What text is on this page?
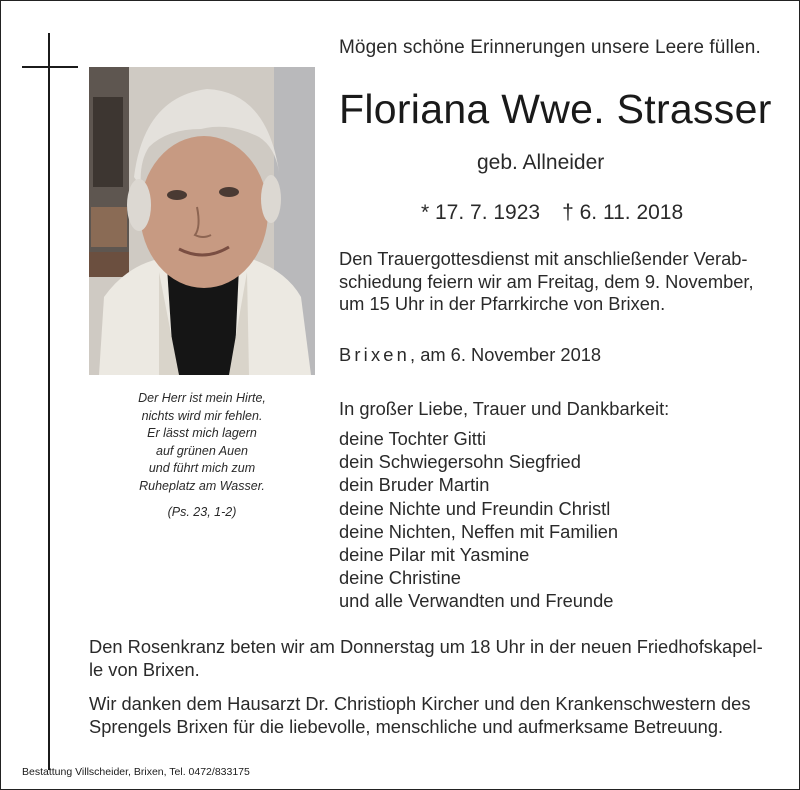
Der Herr ist mein Hirte,
nichts wird mir fehlen.
Er lässt mich lagern
auf grünen Auen
und führt mich zum
Ruheplatz am Wasser.
(Ps. 23, 1-2)
Mögen schöne Erinnerungen unsere Leere füllen.
Floriana Wwe. Strasser
geb. Allneider
* 17. 7. 1923 † 6. 11. 2018
Den Trauergottesdienst mit anschließender Verab-
schiedung feiern wir am Freitag, dem 9. November,
um 15 Uhr in der Pfarrkirche von Brixen.
Brixen, am 6. November 2018
In großer Liebe, Trauer und Dankbarkeit:
deine Tochter Gitti
dein Schwiegersohn Siegfried
dein Bruder Martin
deine Nichte und Freundin Christl
deine Nichten, Neffen mit Familien
deine Pilar mit Yasmine
deine Christine
und alle Verwandten und Freunde
Den Rosenkranz beten wir am Donnerstag um 18 Uhr in der neuen Friedhofskapel-
le von Brixen.
Wir danken dem Hausarzt Dr. Christioph Kircher und den Krankenschwestern des
Sprengels Brixen für die liebevolle, menschliche und aufmerksame Betreuung.
Bestattung Villscheider, Brixen, Tel. 0472/833175
